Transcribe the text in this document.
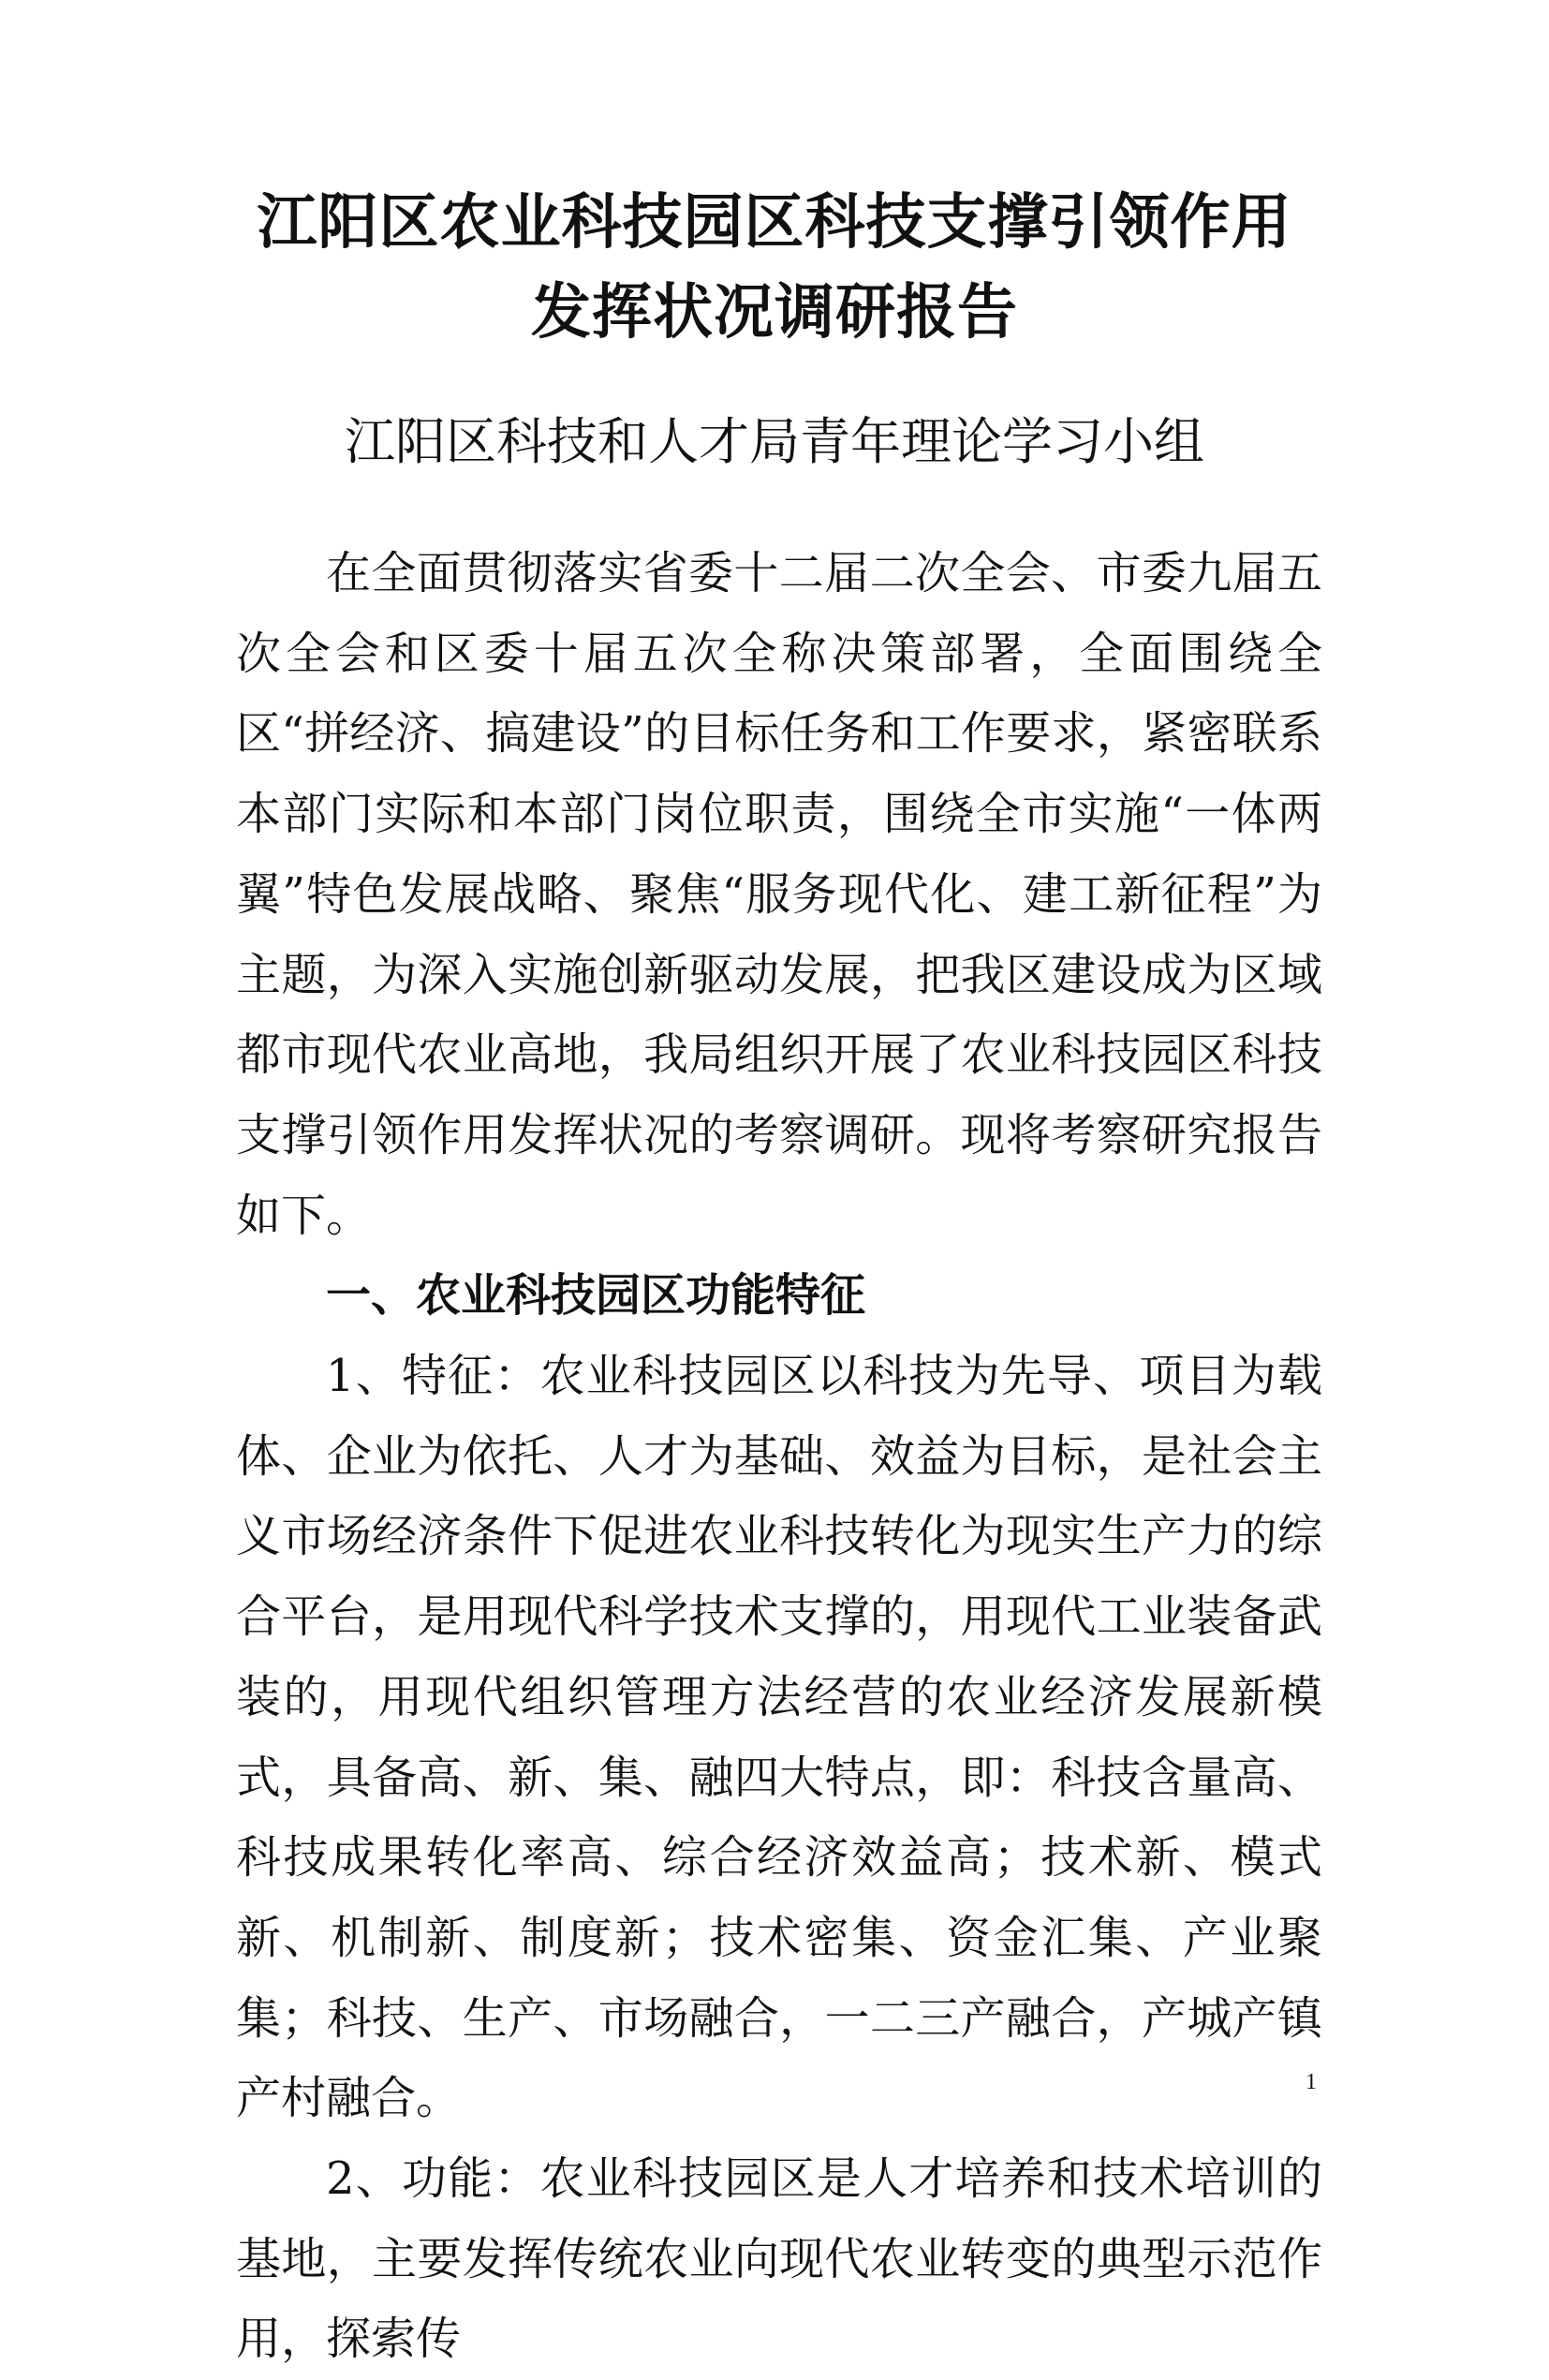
江阳区农业科技园区科技支撑引领作用
发挥状况调研报告
江阳区科技和人才局青年理论学习小组

在全面贯彻落实省委十二届二次全会、市委九届五次全会和区委十届五次全称决策部署，全面围绕全区“拼经济、搞建设”的目标任务和工作要求，紧密联系本部门实际和本部门岗位职责，围绕全市实施“一体两翼”特色发展战略、聚焦“服务现代化、建工新征程”为主题，为深入实施创新驱动发展，把我区建设成为区域都市现代农业高地，我局组织开展了农业科技园区科技支撑引领作用发挥状况的考察调研。现将考察研究报告如下。

一、农业科技园区功能特征

1、特征：农业科技园区以科技为先导、项目为载体、企业为依托、人才为基础、效益为目标，是社会主义市场经济条件下促进农业科技转化为现实生产力的综合平台，是用现代科学技术支撑的，用现代工业装备武装的，用现代组织管理方法经营的农业经济发展新模式，具备高、新、集、融四大特点，即：科技含量高、科技成果转化率高、综合经济效益高；技术新、模式新、机制新、制度新；技术密集、资金汇集、产业聚集；科技、生产、市场融合，一二三产融合，产城产镇产村融合。

2、功能：农业科技园区是人才培养和技术培训的基地，主要发挥传统农业向现代农业转变的典型示范作用，探索传

1
